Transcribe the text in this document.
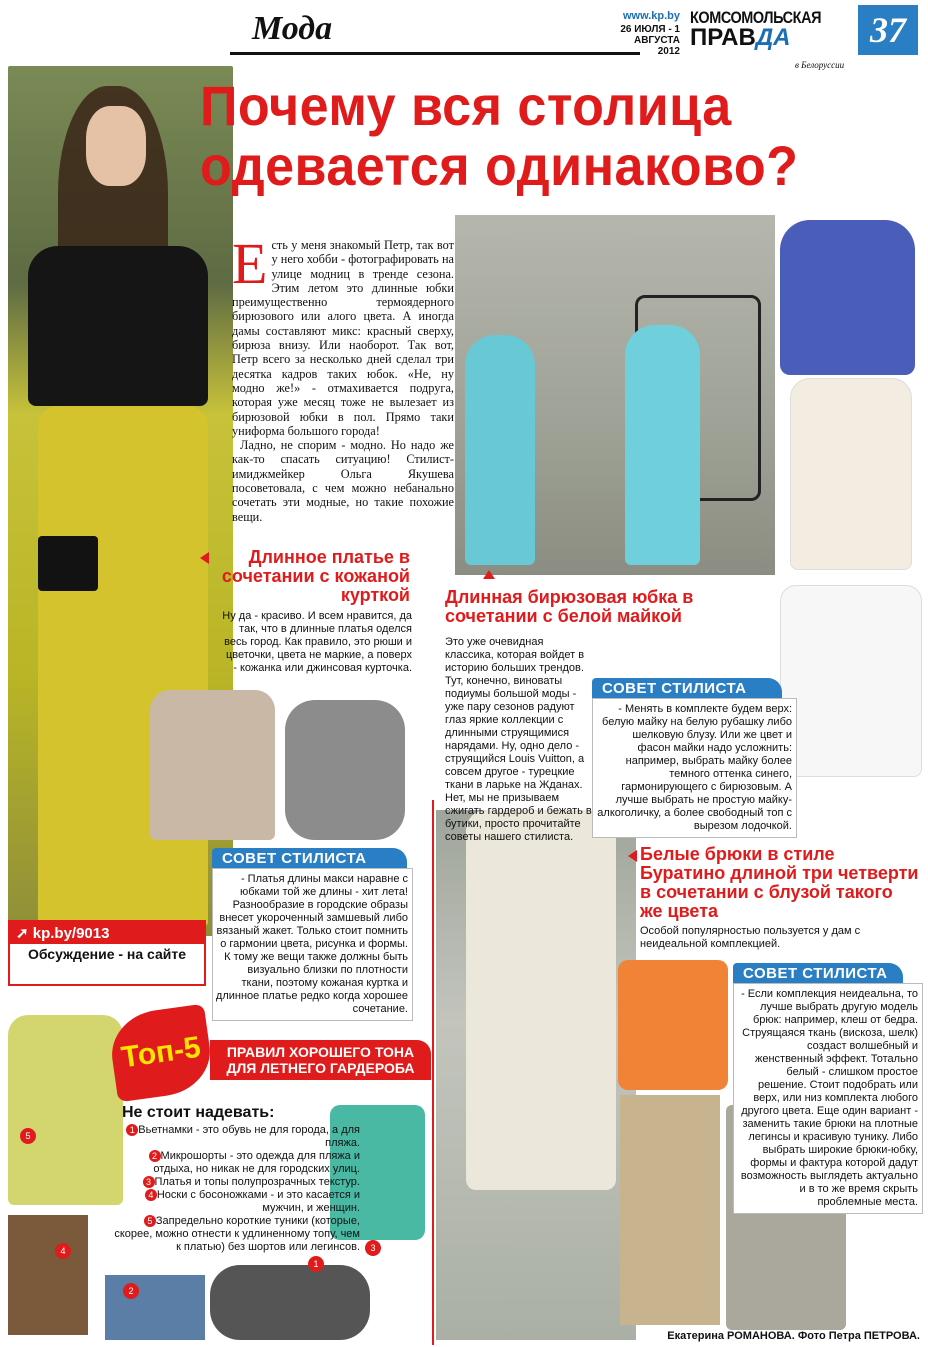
Мода	www.kp.by
26 ИЮЛЯ - 1 АВГУСТА
2012
КОМСОМОЛЬСКАЯ
ПРАВДА
в Белоруссии
37
Почему вся столица одевается одинаково?
Е сть у меня знакомый Петр, так вот у него хобби - фотографировать на улице модниц в тренде сезона. Этим летом это длинные юбки преимущественно термоядерного бирюзового или алого цвета. А иногда дамы составляют микс: красный сверху, бирюза внизу. Или наоборот. Так вот, Петр всего за несколько дней сделал три десятка кадров таких юбок. «Не, ну модно же!» - отмахивается подруга, которая уже месяц тоже не вылезает из бирюзовой юбки в пол. Прямо таки униформа большого города!

Ладно, не спорим - модно. Но надо же как-то спасать ситуацию! Стилист-имиджмейкер Ольга Якушева посоветовала, с чем можно небанально сочетать эти модные, но такие похожие вещи.

Длинное платье в сочетании с кожаной курткой
Ну да - красиво. И всем нравится, да так, что в длинные платья оделся весь город. Как правило, это рюши и цветочки, цвета не маркие, а поверх - кожанка или джинсовая курточка.
Длинная бирюзовая юбка в сочетании с белой майкой
Это уже очевидная классика, которая войдет в историю больших трендов. Тут, конечно, виноваты подиумы большой моды - уже пару сезонов радуют глаз яркие коллекции с длинными струящимися нарядами. Ну, одно дело - струящийся Louis Vuitton, а совсем другое - турецкие ткани в ларьке на Жданах. Нет, мы не призываем сжигать гардероб и бежать в бутики, просто прочитайте советы нашего стилиста.
СОВЕТ СТИЛИСТА
- Менять в комплекте будем верх: белую майку на белую рубашку либо шелковую блузу. Или же цвет и фасон майки надо усложнить: например, выбрать майку более темного оттенка синего, гармонирующего с бирюзовым. А лучше выбрать не простую майку-алкоголичку, а более свободный топ с вырезом лодочкой.
СОВЕТ СТИЛИСТА
- Платья длины макси наравне с юбками той же длины - хит лета! Разнообразие в городские образы внесет укороченный замшевый либо вязаный жакет. Только стоит помнить о гармонии цвета, рисунка и формы. К тому же вещи также должны быть визуально близки по плотности ткани, поэтому кожаная куртка и длинное платье редко когда хорошее сочетание.
Белые брюки в стиле Буратино длиной три четверти в сочетании с блузой такого же цвета
Особой популярностью пользуется у дам с неидеальной комплекцией.
СОВЕТ СТИЛИСТА
- Если комплекция неидеальна, то лучше выбрать другую модель брюк: например, клеш от бедра. Струящаяся ткань (вискоза, шелк) создаст волшебный и женственный эффект. Тотально белый - слишком простое решение. Стоит подобрать или верх, или низ комплекта любого другого цвета. Еще один вариант - заменить такие брюки на плотные легинсы и красивую тунику. Либо выбрать широкие брюки-юбку, формы и фактура которой дадут возможность выглядеть актуально и в то же время скрыть проблемные места.
➚ kp.by/9013
Обсуждение - на сайте
Топ-5	ПРАВИЛ ХОРОШЕГО ТОНА ДЛЯ ЛЕТНЕГО ГАРДЕРОБА
Не стоит надевать:
1 Вьетнамки - это обувь не для города, а для пляжа.
2 Микрошорты - это одежда для пляжа и отдыха, но никак не для городских улиц.
3 Платья и топы полупрозрачных текстур.
4 Носки с босоножками - и это касается и мужчин, и женщин.
5 Запредельно короткие туники (которые, скорее, можно отнести к удлиненному топу, чем к платью) без шортов или легинсов.
5
4	3
2
1
Екатерина РОМАНОВА. Фото Петра ПЕТРОВА.
